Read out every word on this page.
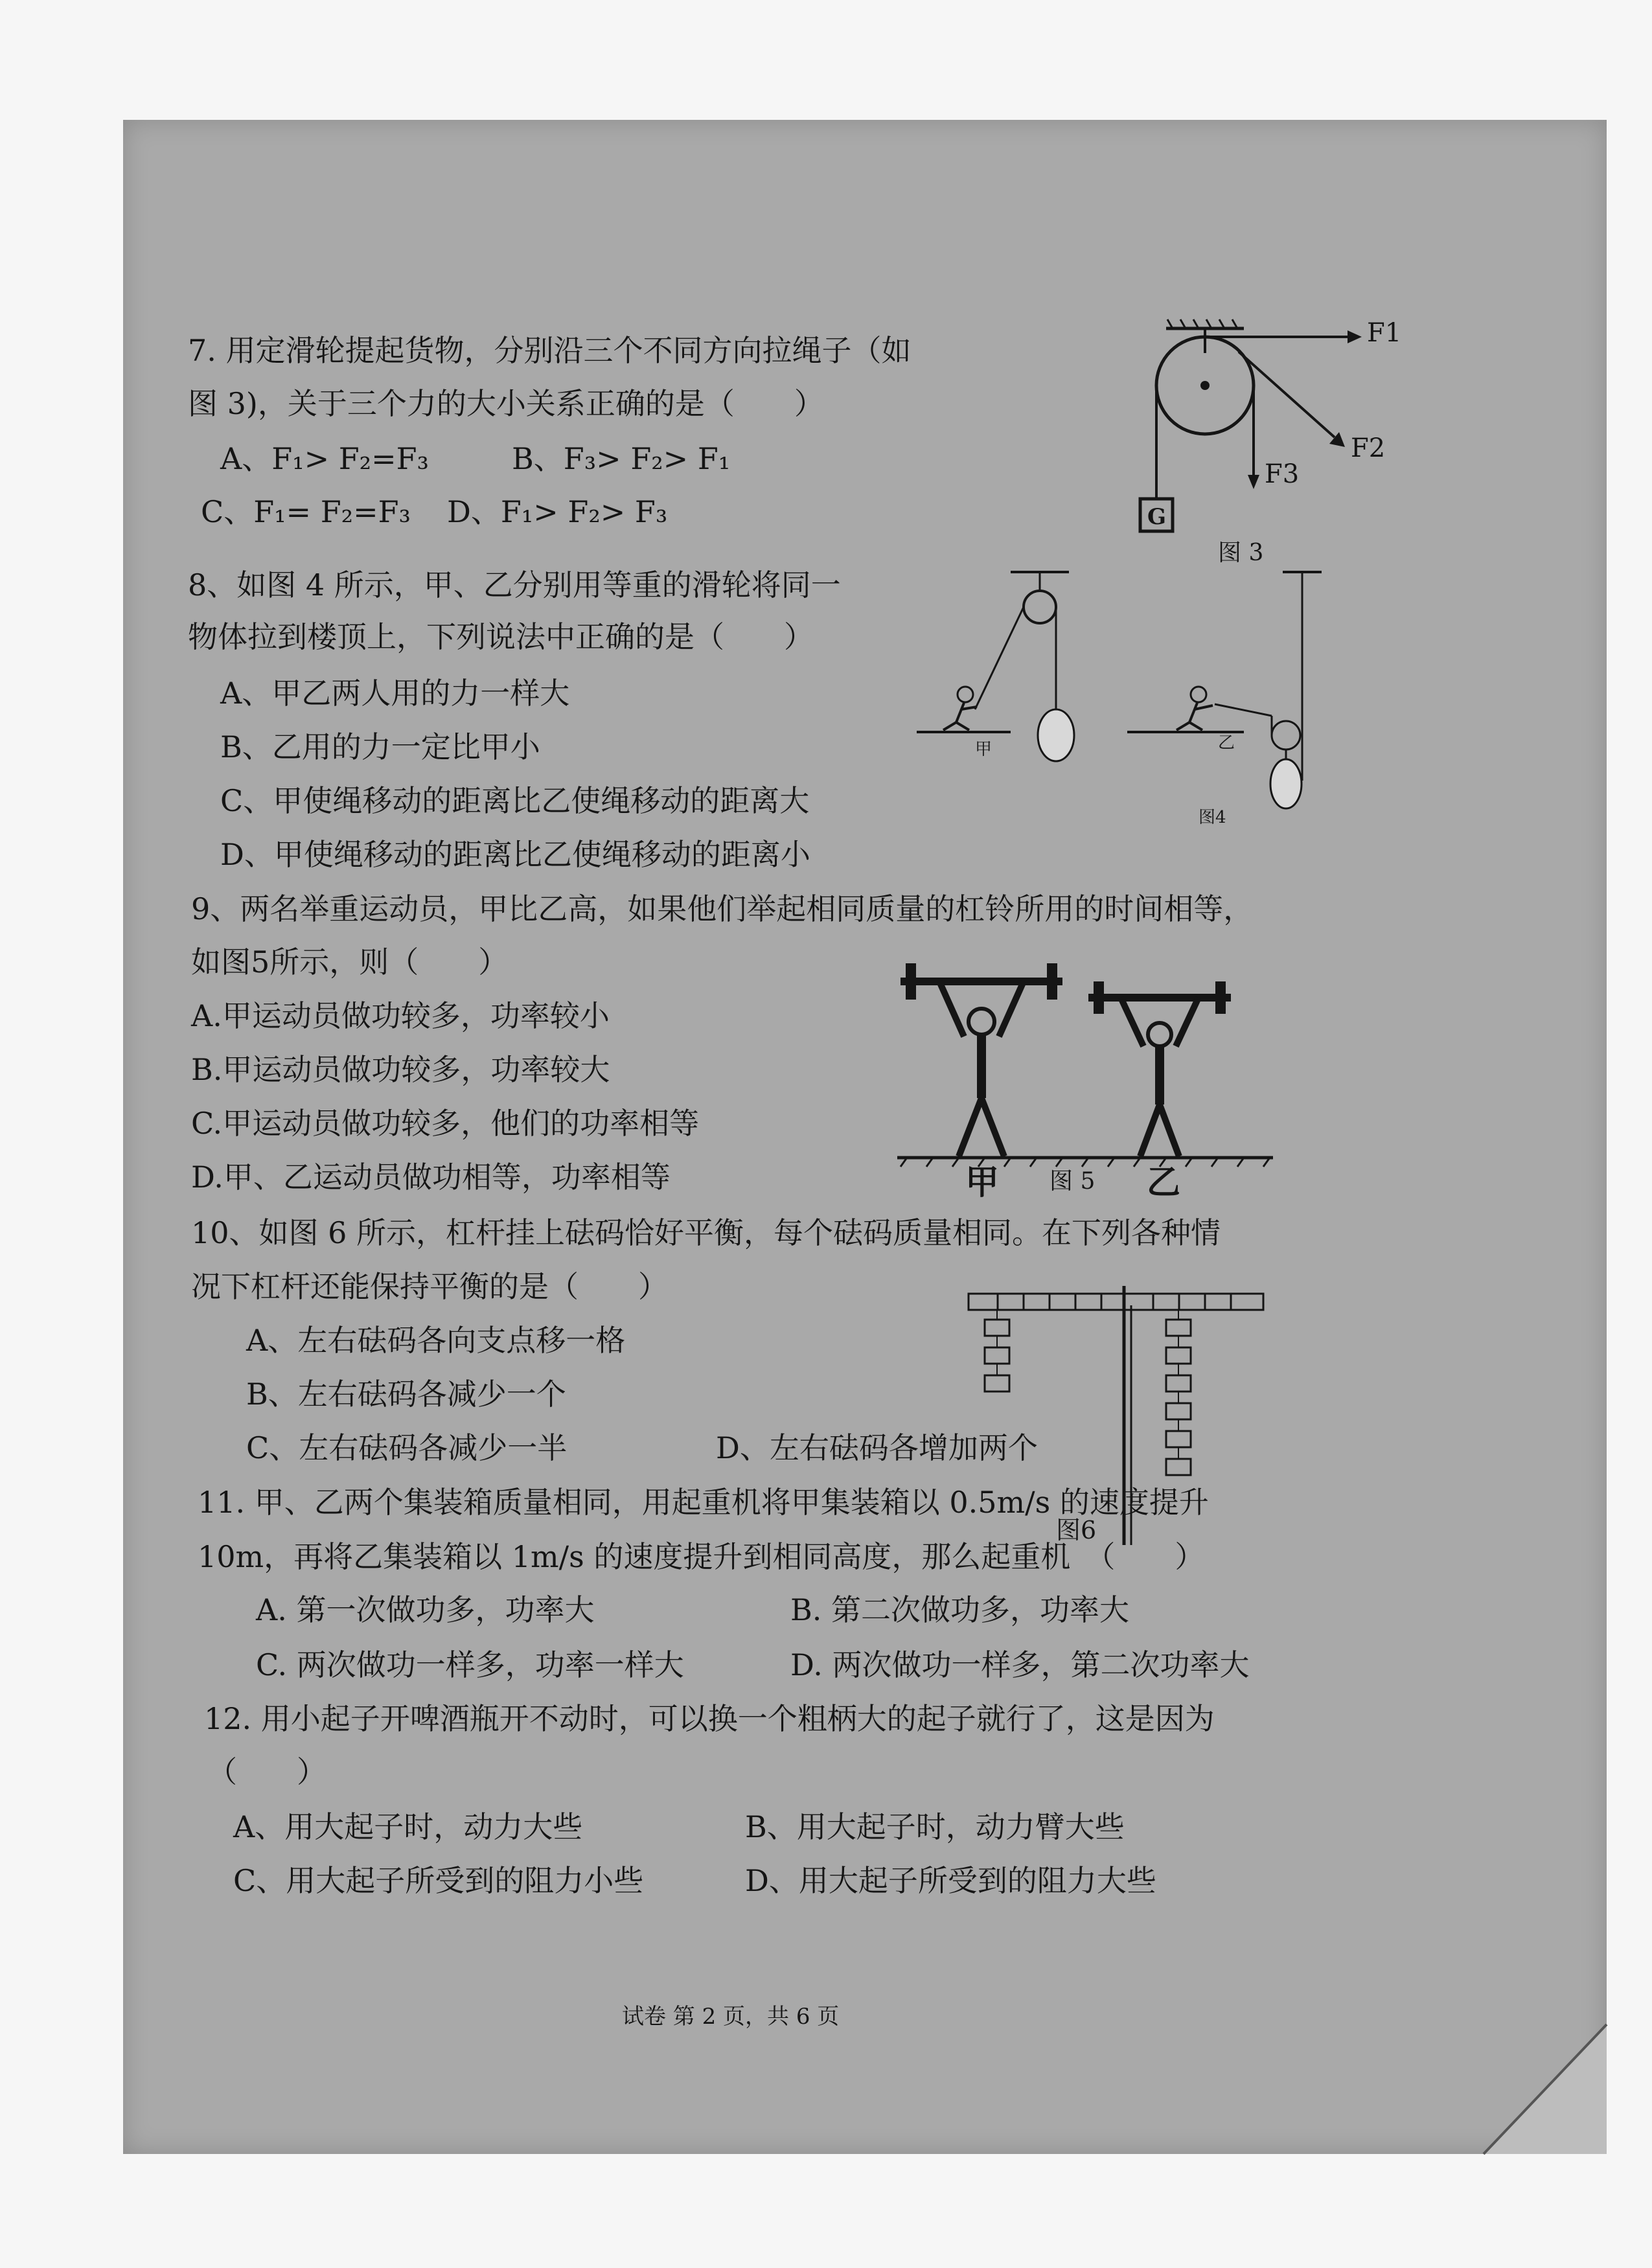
7. 用定滑轮提起货物，分别沿三个不同方向拉绳子（如
图 3)，关于三个力的大小关系正确的是（　　）
A、F₁> F₂=F₃	B、F₃> F₂> F₁
C、F₁= F₂=F₃ D、F₁> F₂> F₃	G
F1
F2
F3
图 3
8、如图 4 所示，甲、乙分别用等重的滑轮将同一
物体拉到楼顶上，下列说法中正确的是（　　）
A、甲乙两人用的力一样大
B、乙用的力一定比甲小
C、甲使绳移动的距离比乙使绳移动的距离大
D、甲使绳移动的距离比乙使绳移动的距离小
甲	乙
图4
9、两名举重运动员，甲比乙高，如果他们举起相同质量的杠铃所用的时间相等，
如图5所示，则（　　）
A.甲运动员做功较多，功率较小
B.甲运动员做功较多，功率较大
C.甲运动员做功较多，他们的功率相等
D.甲、乙运动员做功相等，功率相等	甲 图 5 乙
10、如图 6 所示，杠杆挂上砝码恰好平衡，每个砝码质量相同。在下列各种情
况下杠杆还能保持平衡的是（　　）
A、左右砝码各向支点移一格
B、左右砝码各减少一个
C、左右砝码各减少一半	D、左右砝码各增加两个
图6
11. 甲、乙两个集装箱质量相同，用起重机将甲集装箱以 0.5m/s 的速度提升
10m，再将乙集装箱以 1m/s 的速度提升到相同高度，那么起重机　（　　）
A. 第一次做功多，功率大	B. 第二次做功多，功率大
C. 两次做功一样多，功率一样大	D. 两次做功一样多，第二次功率大
12. 用小起子开啤酒瓶开不动时，可以换一个粗柄大的起子就行了，这是因为
（　　）
A、用大起子时，动力大些	B、用大起子时，动力臂大些
C、用大起子所受到的阻力小些	D、用大起子所受到的阻力大些
试卷 第 2 页，共 6 页
